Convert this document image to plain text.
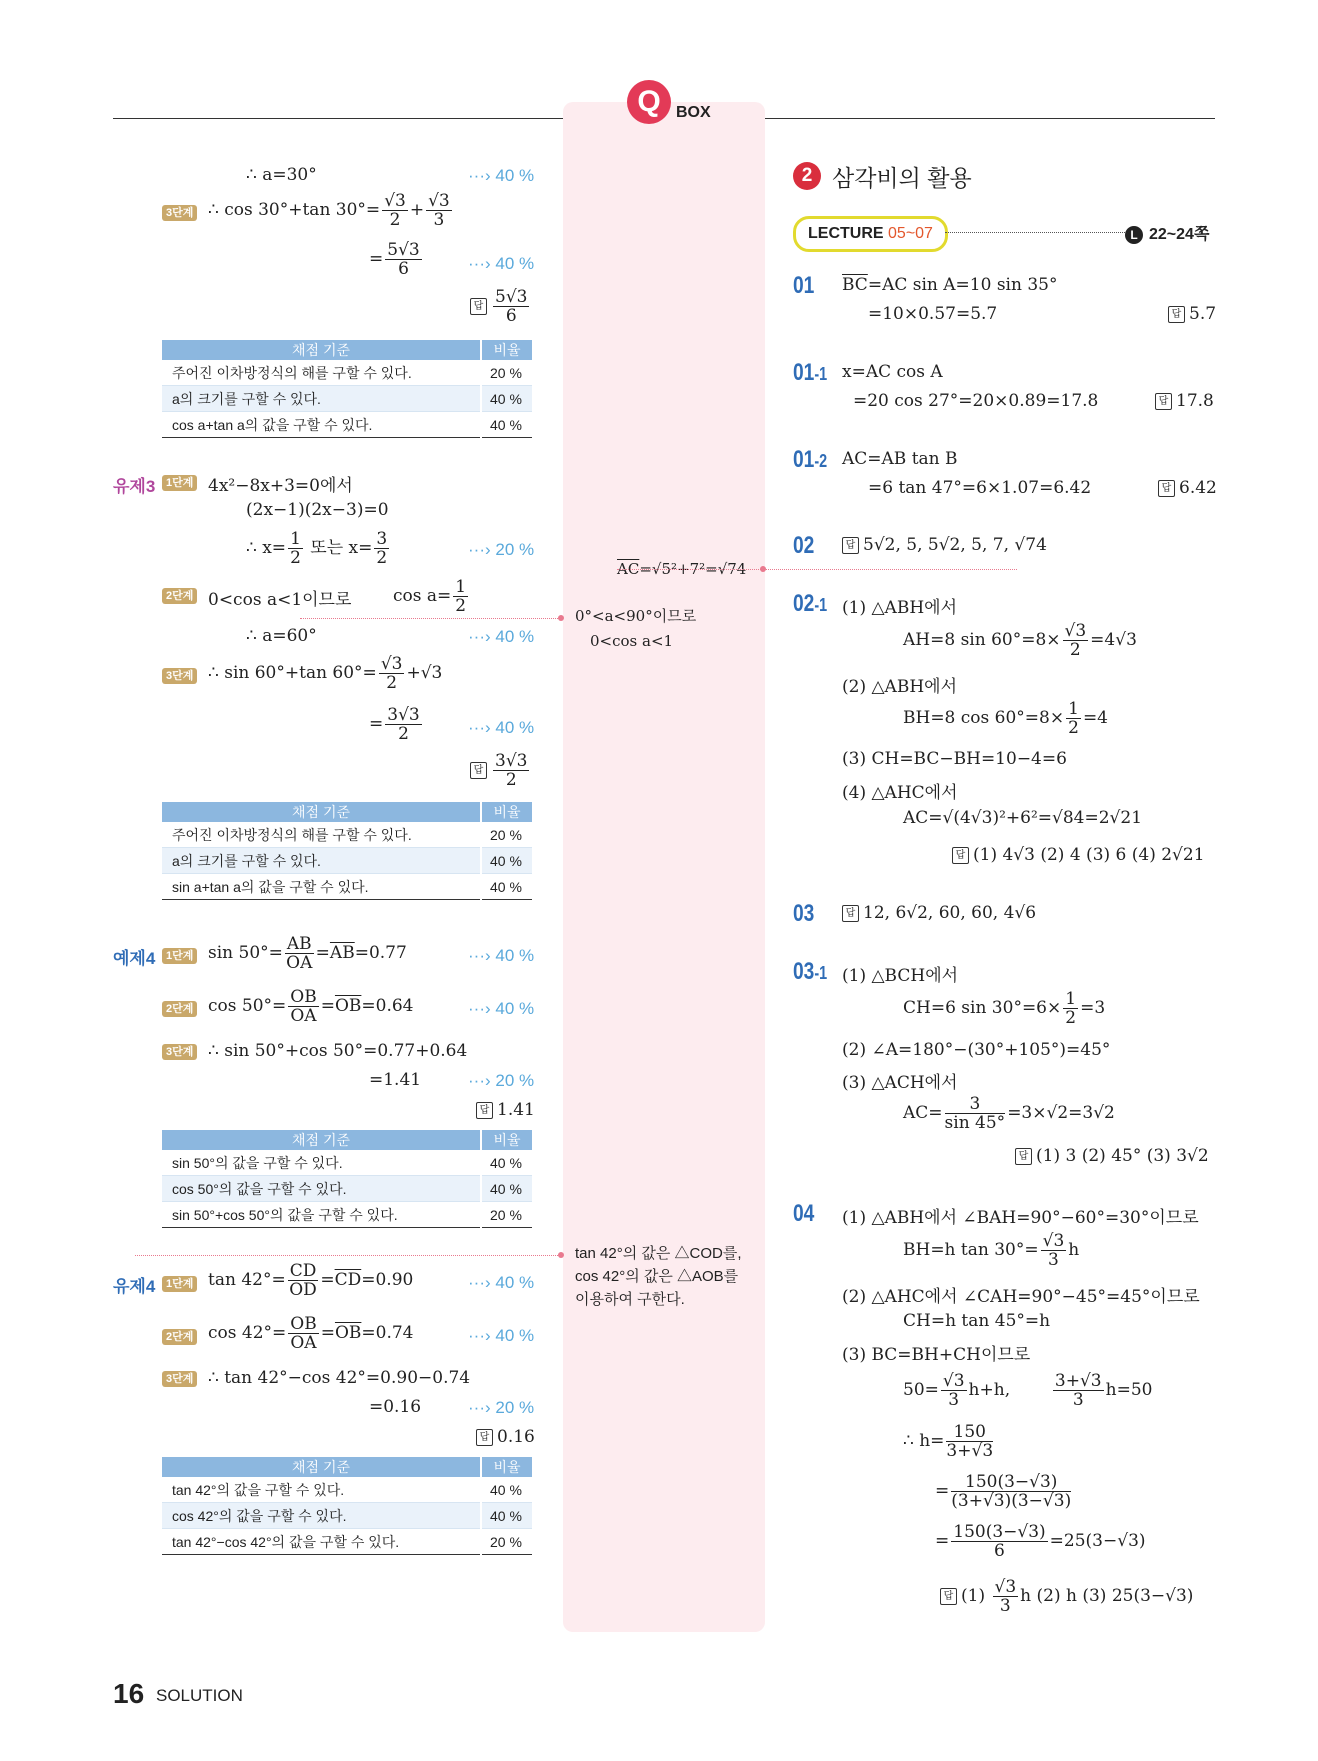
Q BOX
∴ a=30°	···› 40 %
3단계 ∴ cos 30°+tan $30^\circ= \frac{√3}{2} + \frac{√3}{3}$
= $\frac{5√3}{6}$	···› 40 %
답 $\frac{5√3}{6}$
채점 기준	비율
주어진 이차방정식의 해를 구할 수 있다.	20 %
a의 크기를 구할 수 있다.	40 %
cos a+tan a의 값을 구할 수 있다.	40 %
유제3 1단계 4x²−8x+3=0에서
(2x−1)(2x−3)=0
∴ $x= \frac{1}{2}$ 또는 $x= \frac{3}{2}$	···› 20 %
2단계 0<cos a<1이므로 $\cos a= \frac{1}{2}$
∴ a=60°	···› 40 %
3단계 ∴ sin 60°+tan $60^\circ= \frac{√3}{2} +√3$
= $\frac{3√3}{2}$	···› 40 %
답 $\frac{3√3}{2}$
채점 기준	비율
주어진 이차방정식의 해를 구할 수 있다.	20 %
a의 크기를 구할 수 있다.	40 %
sin a+tan a의 값을 구할 수 있다.	40 %
예제4 1단계 $\sin 50^\circ= \frac{AB}{OA} =\overline{AB}=0.77$	···› 40 %
2단계 $\cos 50^\circ= \frac{OB}{OA} =\overline{OB}=0.64$	···› 40 %
3단계 ∴ sin 50°+cos 50°=0.77+0.64
=1.41	···› 20 %
답 1.41
채점 기준	비율
sin 50°의 값을 구할 수 있다.	40 %
cos 50°의 값을 구할 수 있다.	40 %
sin 50°+cos 50°의 값을 구할 수 있다.	20 %
유제4 1단계 $\tan 42^\circ= \frac{CD}{OD} =\overline{CD}=0.90$	···› 40 %
2단계 $\cos 42^\circ= \frac{OB}{OA} =\overline{OB}=0.74$	···› 40 %
3단계 ∴ tan 42°−cos 42°=0.90−0.74
=0.16	···› 20 %
답 0.16
채점 기준	비율
tan 42°의 값을 구할 수 있다.	40 %
cos 42°의 값을 구할 수 있다.	40 %
tan 42°−cos 42°의 값을 구할 수 있다.	20 %
$\overline{AC}=√5^2+7^2=√74$
0°<a<90°이므로
0<cos a<1
tan 42°의 값은 △COD를,
cos 42°의 값은 △AOB를
이용하여 구한다.
2 삼각비의 활용
LECTURE 05~07	L 22~24쪽
01 $\overline{BC}=AC$ sin A=10 sin 35°
=10×0.57=5.7	답 5.7
01-1 x=AC cos A
=20 cos 27°=20×0.89=17.8	답 17.8
01-2 AC=AB tan B
=6 tan 47°=6×1.07=6.42	답 6.42
02	답 5√2, 5, 5√2, 5, 7, √74
02-1 (1) △ABH에서
AH=8 $\sin 60^\circ=8\times \frac{√3}{2} =4√3$
(2) △ABH에서
BH=8 $\cos 60^\circ=8\times \frac{1}{2} =4$
(3) CH=BC−BH=10−4=6
(4) △AHC에서
AC=√(4√3)²+6²=√84=2√21
답 (1) 4√3 (2) 4 (3) 6 (4) 2√21
03	답 12, 6√2, 60, 60, 4√6
03-1 (1) △BCH에서
CH=6 $\sin 30^\circ=6\times \frac{1}{2} =3$
(2) ∠A=180°−(30°+105°)=45°
(3) △ACH에서
$AC= \frac{3}{\sin 45^\circ} =3\times√2=3√2$
답 (1) 3 (2) 45° (3) 3√2
04 (1) △ABH에서 ∠BAH=90°−60°=30°이므로
BH=h $\tan 30^\circ= \frac{√3}{3}$ h
(2) △AHC에서 ∠CAH=90°−45°=45°이므로
CH=h tan 45°=h
(3) BC=BH+CH이므로
$50= \frac{√3}{3} h+h$,	$\frac{3+√3}{3} h=50$
∴ $h= \frac{150}{3+√3}$
= $\frac{150(3-√3)}{(3+√3)(3-√3)}$
= $\frac{150(3-√3)}{6} =25(3-√3)$
답 $(1) \frac{√3}{3}$ h (2) h (3) 25(3−√3)
16 SOLUTION
